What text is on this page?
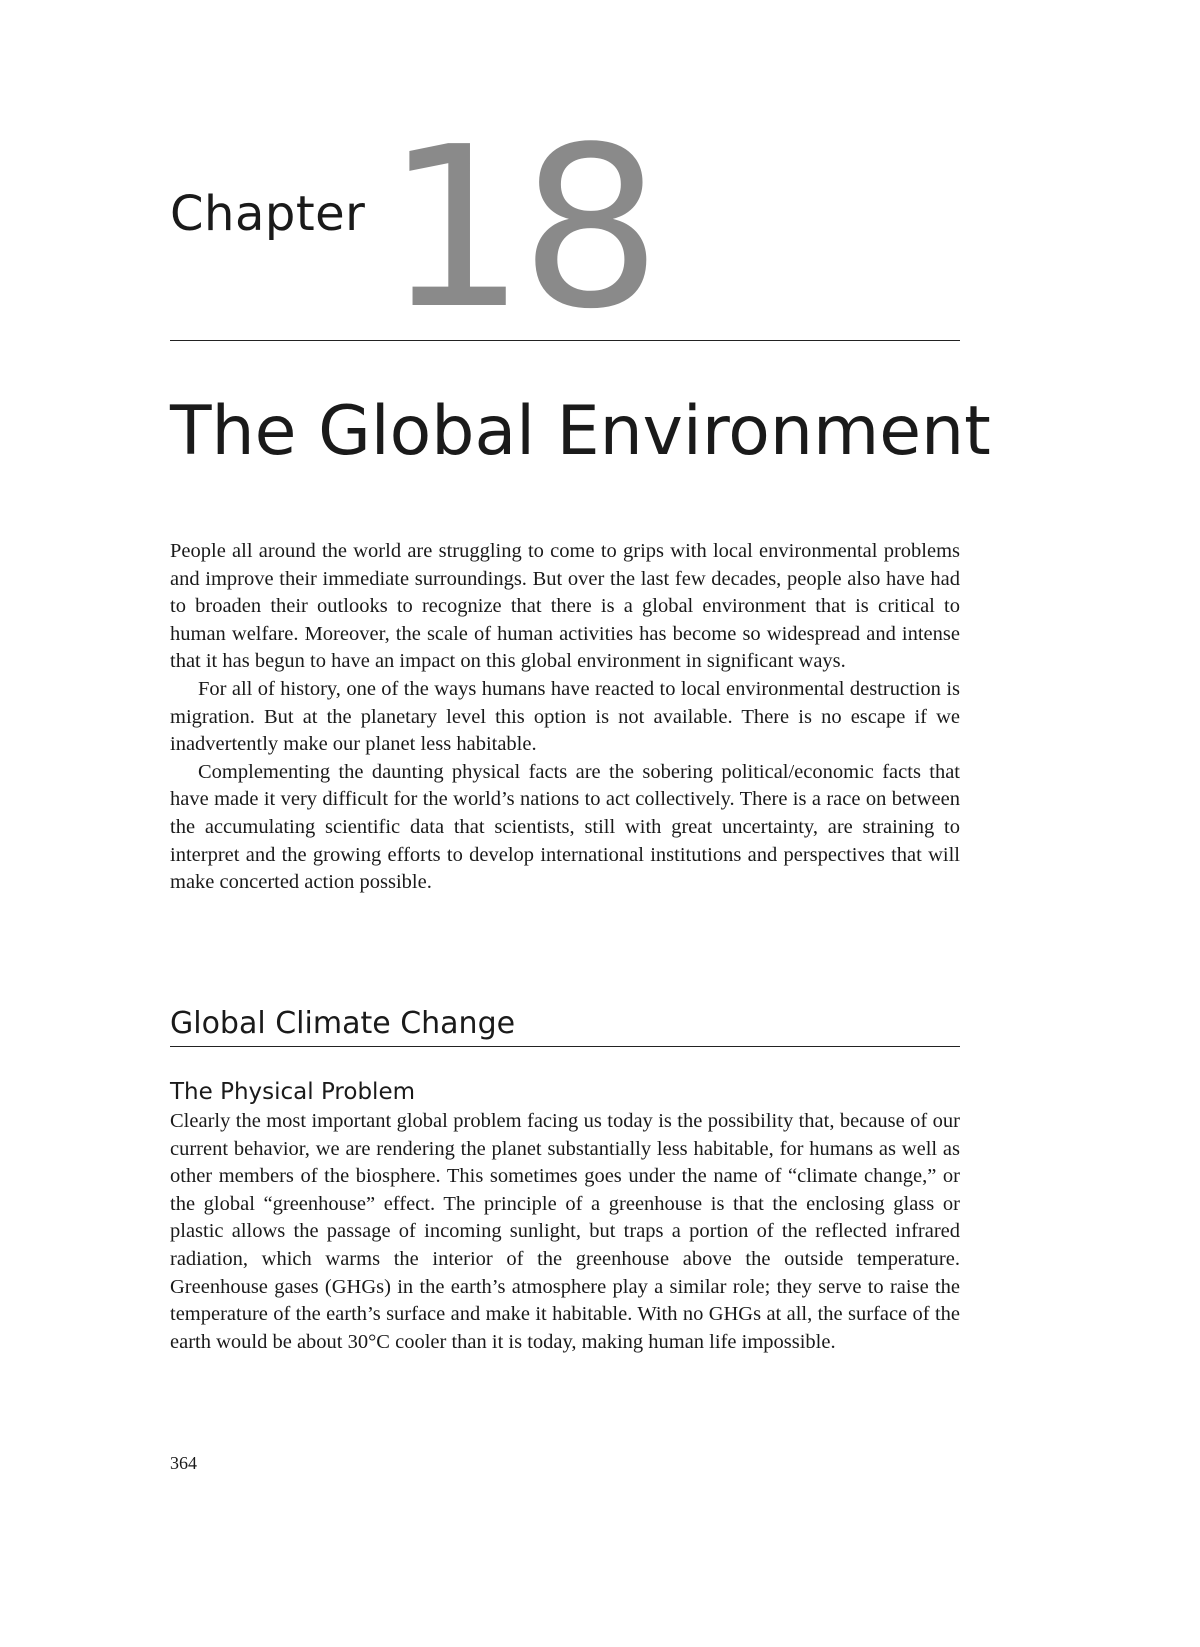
Chapter 18
The Global Environment

People all around the world are struggling to come to grips with local environmental problems and improve their immediate surroundings. But over the last few decades, people also have had to broaden their outlooks to recognize that there is a global environment that is critical to human welfare. Moreover, the scale of human activities has become so widespread and intense that it has begun to have an impact on this global environment in significant ways.

For all of history, one of the ways humans have reacted to local environmental destruction is migration. But at the planetary level this option is not available. There is no escape if we inadvertently make our planet less habitable.

Complementing the daunting physical facts are the sobering political/economic facts that have made it very difficult for the world’s nations to act collectively. There is a race on between the accumulating scientific data that scientists, still with great uncertainty, are straining to interpret and the growing efforts to develop international institutions and perspectives that will make concerted action possible.

Global Climate Change
The Physical Problem

Clearly the most important global problem facing us today is the possibility that, because of our current behavior, we are rendering the planet substantially less habitable, for humans as well as other members of the biosphere. This sometimes goes under the name of “climate change,” or the global “greenhouse” effect. The principle of a greenhouse is that the enclosing glass or plastic allows the passage of incoming sunlight, but traps a portion of the reflected infrared radiation, which warms the interior of the greenhouse above the outside temperature. Greenhouse gases (GHGs) in the earth’s atmosphere play a similar role; they serve to raise the temperature of the earth’s surface and make it habitable. With no GHGs at all, the surface of the earth would be about 30°C cooler than it is today, making human life impossible.

364
